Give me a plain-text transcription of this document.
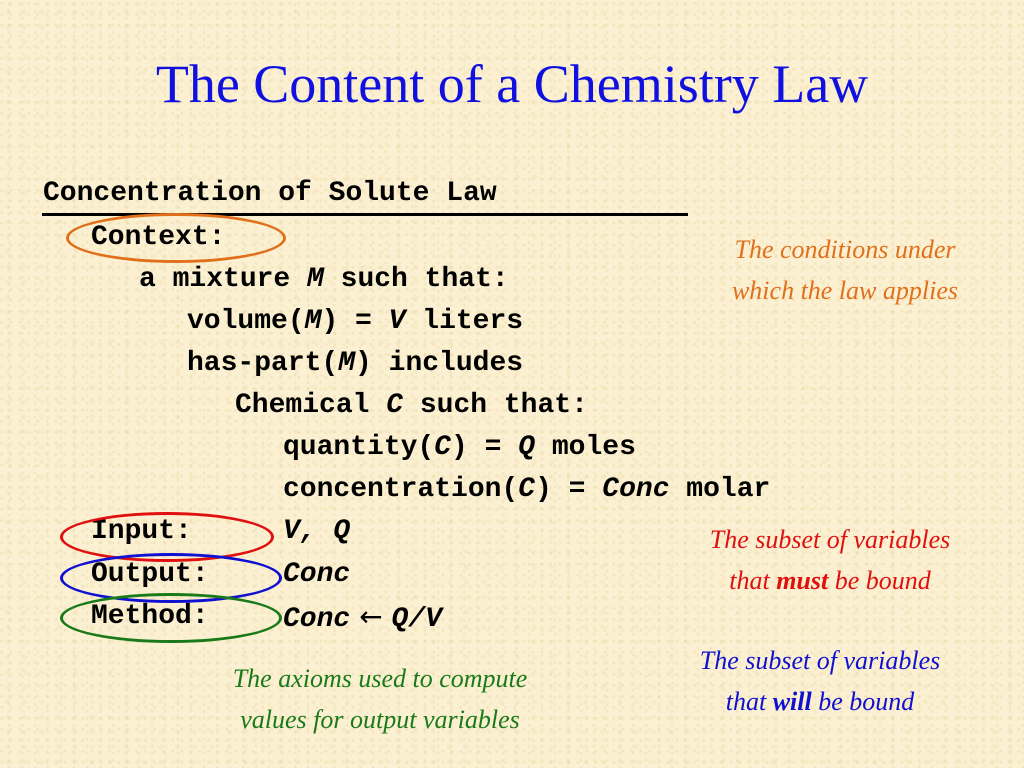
The Content of a Chemistry Law
Concentration of Solute Law
Context:
a mixture M such that:
volume(M) = V liters
has-part(M) includes
Chemical C such that:
quantity(C) = Q moles
concentration(C) = Conc molar
Input:	V, Q
Output:	Conc
Method:	Conc ← Q/V
The conditions under
which the law applies
The subset of variables
that must be bound
The subset of variables
that will be bound
The axioms used to compute
values for output variables
